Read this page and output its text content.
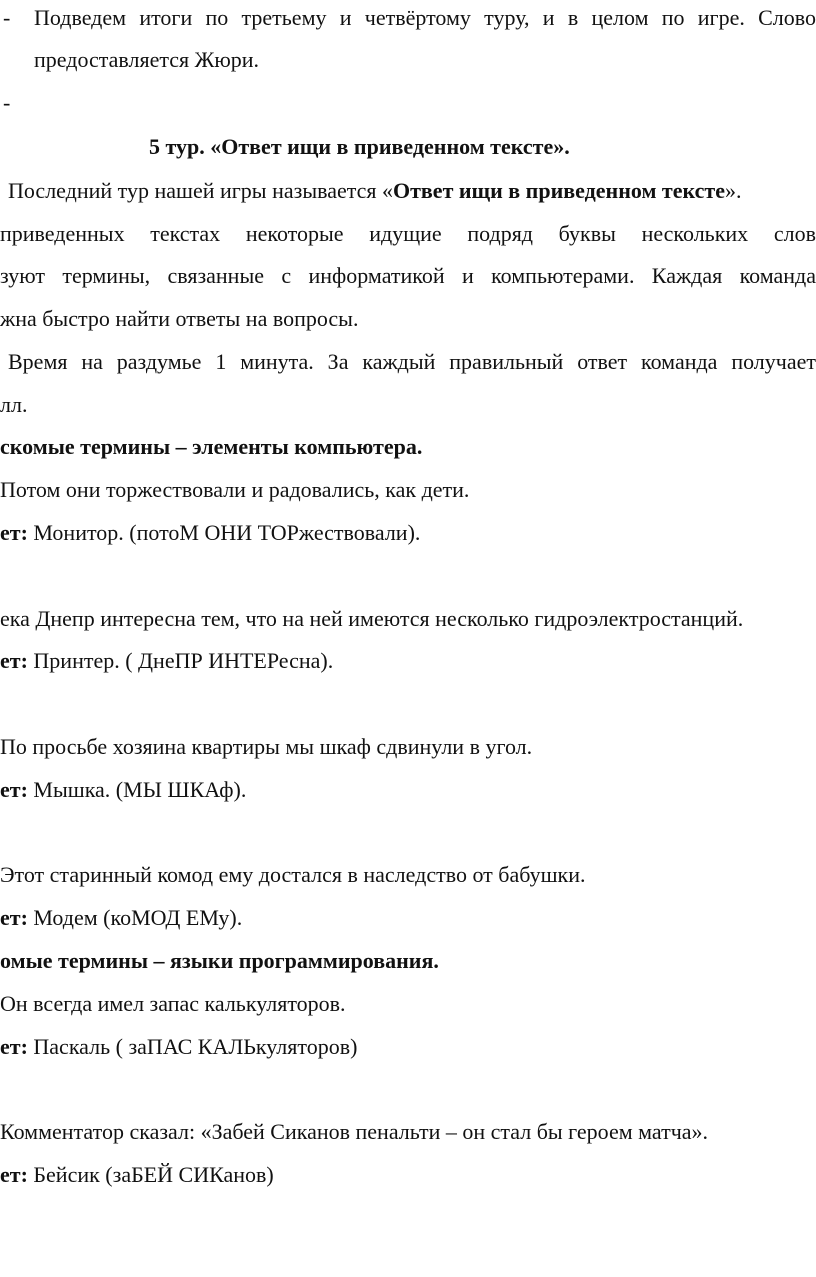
- Подведем итоги по третьему и четвёртому туру, и в целом по игре. Слово
предоставляется Жюри.
-
5 тур. «Ответ ищи в приведенном тексте».
Последний тур нашей игры называется «Ответ ищи в приведенном тексте».
приведенных текстах некоторые идущие подряд буквы нескольких слов
зуют термины, связанные с информатикой и компьютерами. Каждая команда
жна быстро найти ответы на вопросы.
Время на раздумье 1 минута. За каждый правильный ответ команда получает
лл.
скомые термины – элементы компьютера.
Потом они торжествовали и радовались, как дети.
ет: Монитор. (потоМ ОНИ ТОРжествовали).
ека Днепр интересна тем, что на ней имеются несколько гидроэлектростанций.
ет: Принтер. ( ДнеПР ИНТЕРесна).
По просьбе хозяина квартиры мы шкаф сдвинули в угол.
ет: Мышка. (МЫ ШКАф).
Этот старинный комод ему достался в наследство от бабушки.
ет: Модем (коМОД ЕМу).
омые термины – языки программирования.
Он всегда имел запас калькуляторов.
ет: Паскаль ( заПАС КАЛЬкуляторов)
Комментатор сказал: «Забей Сиканов пенальти – он стал бы героем матча».
ет: Бейсик (заБЕЙ СИКанов)
